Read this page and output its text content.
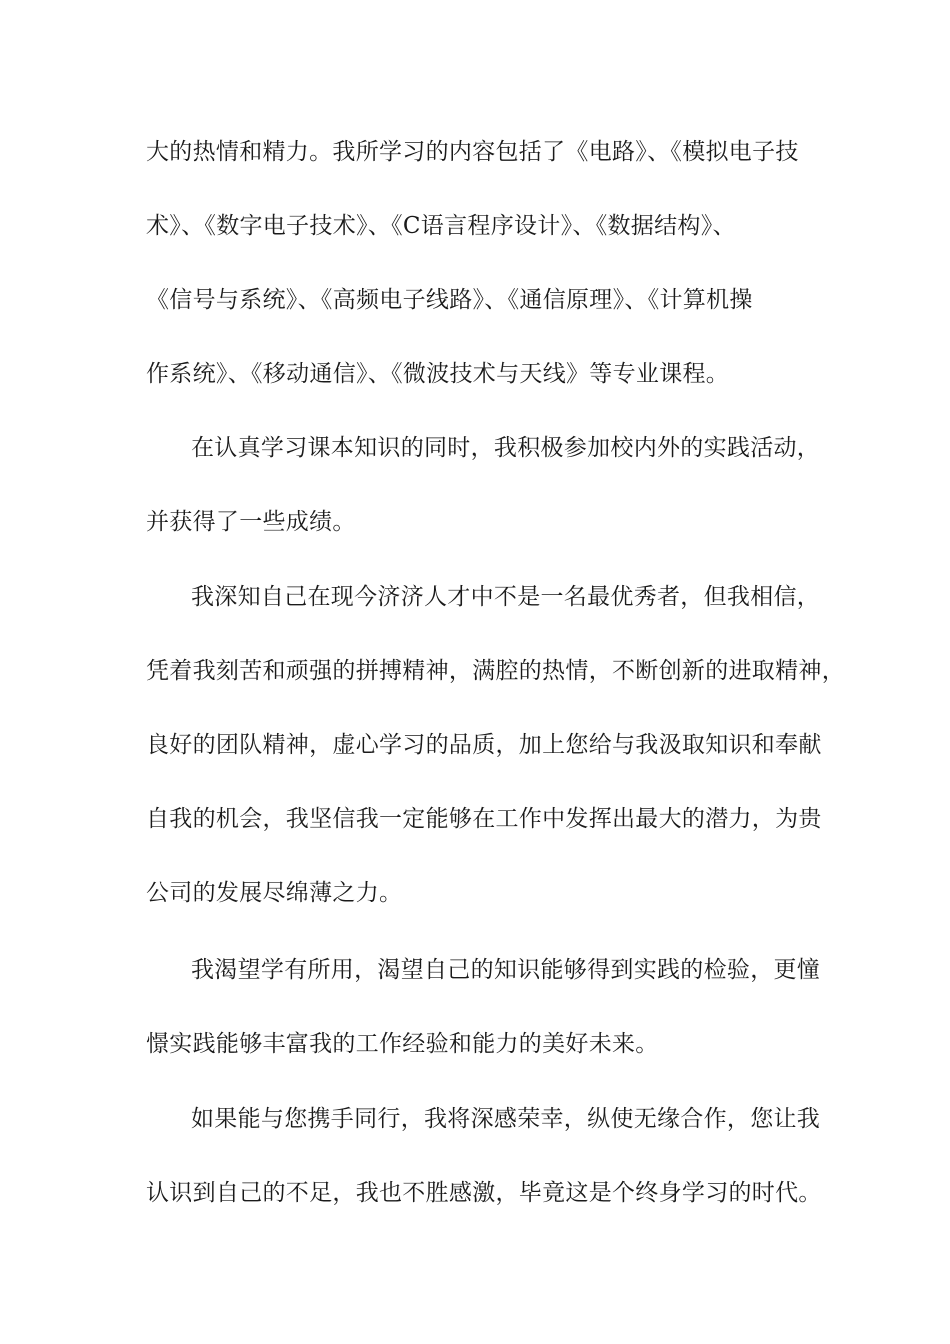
大的热情和精力。我所学习的内容包括了《电路》、《模拟电子技
术》、《数字电子技术》、《C语言程序设计》、《数据结构》、
《信号与系统》、《高频电子线路》、《通信原理》、《计算机操
作系统》、《移动通信》、《微波技术与天线》等专业课程。
在认真学习课本知识的同时，我积极参加校内外的实践活动，
并获得了一些成绩。
我深知自己在现今济济人才中不是一名最优秀者，但我相信，
凭着我刻苦和顽强的拼搏精神，满腔的热情，不断创新的进取精神，
良好的团队精神，虚心学习的品质，加上您给与我汲取知识和奉献
自我的机会，我坚信我一定能够在工作中发挥出最大的潜力，为贵
公司的发展尽绵薄之力。
我渴望学有所用，渴望自己的知识能够得到实践的检验，更憧
憬实践能够丰富我的工作经验和能力的美好未来。
如果能与您携手同行，我将深感荣幸，纵使无缘合作，您让我
认识到自己的不足，我也不胜感激，毕竟这是个终身学习的时代。
